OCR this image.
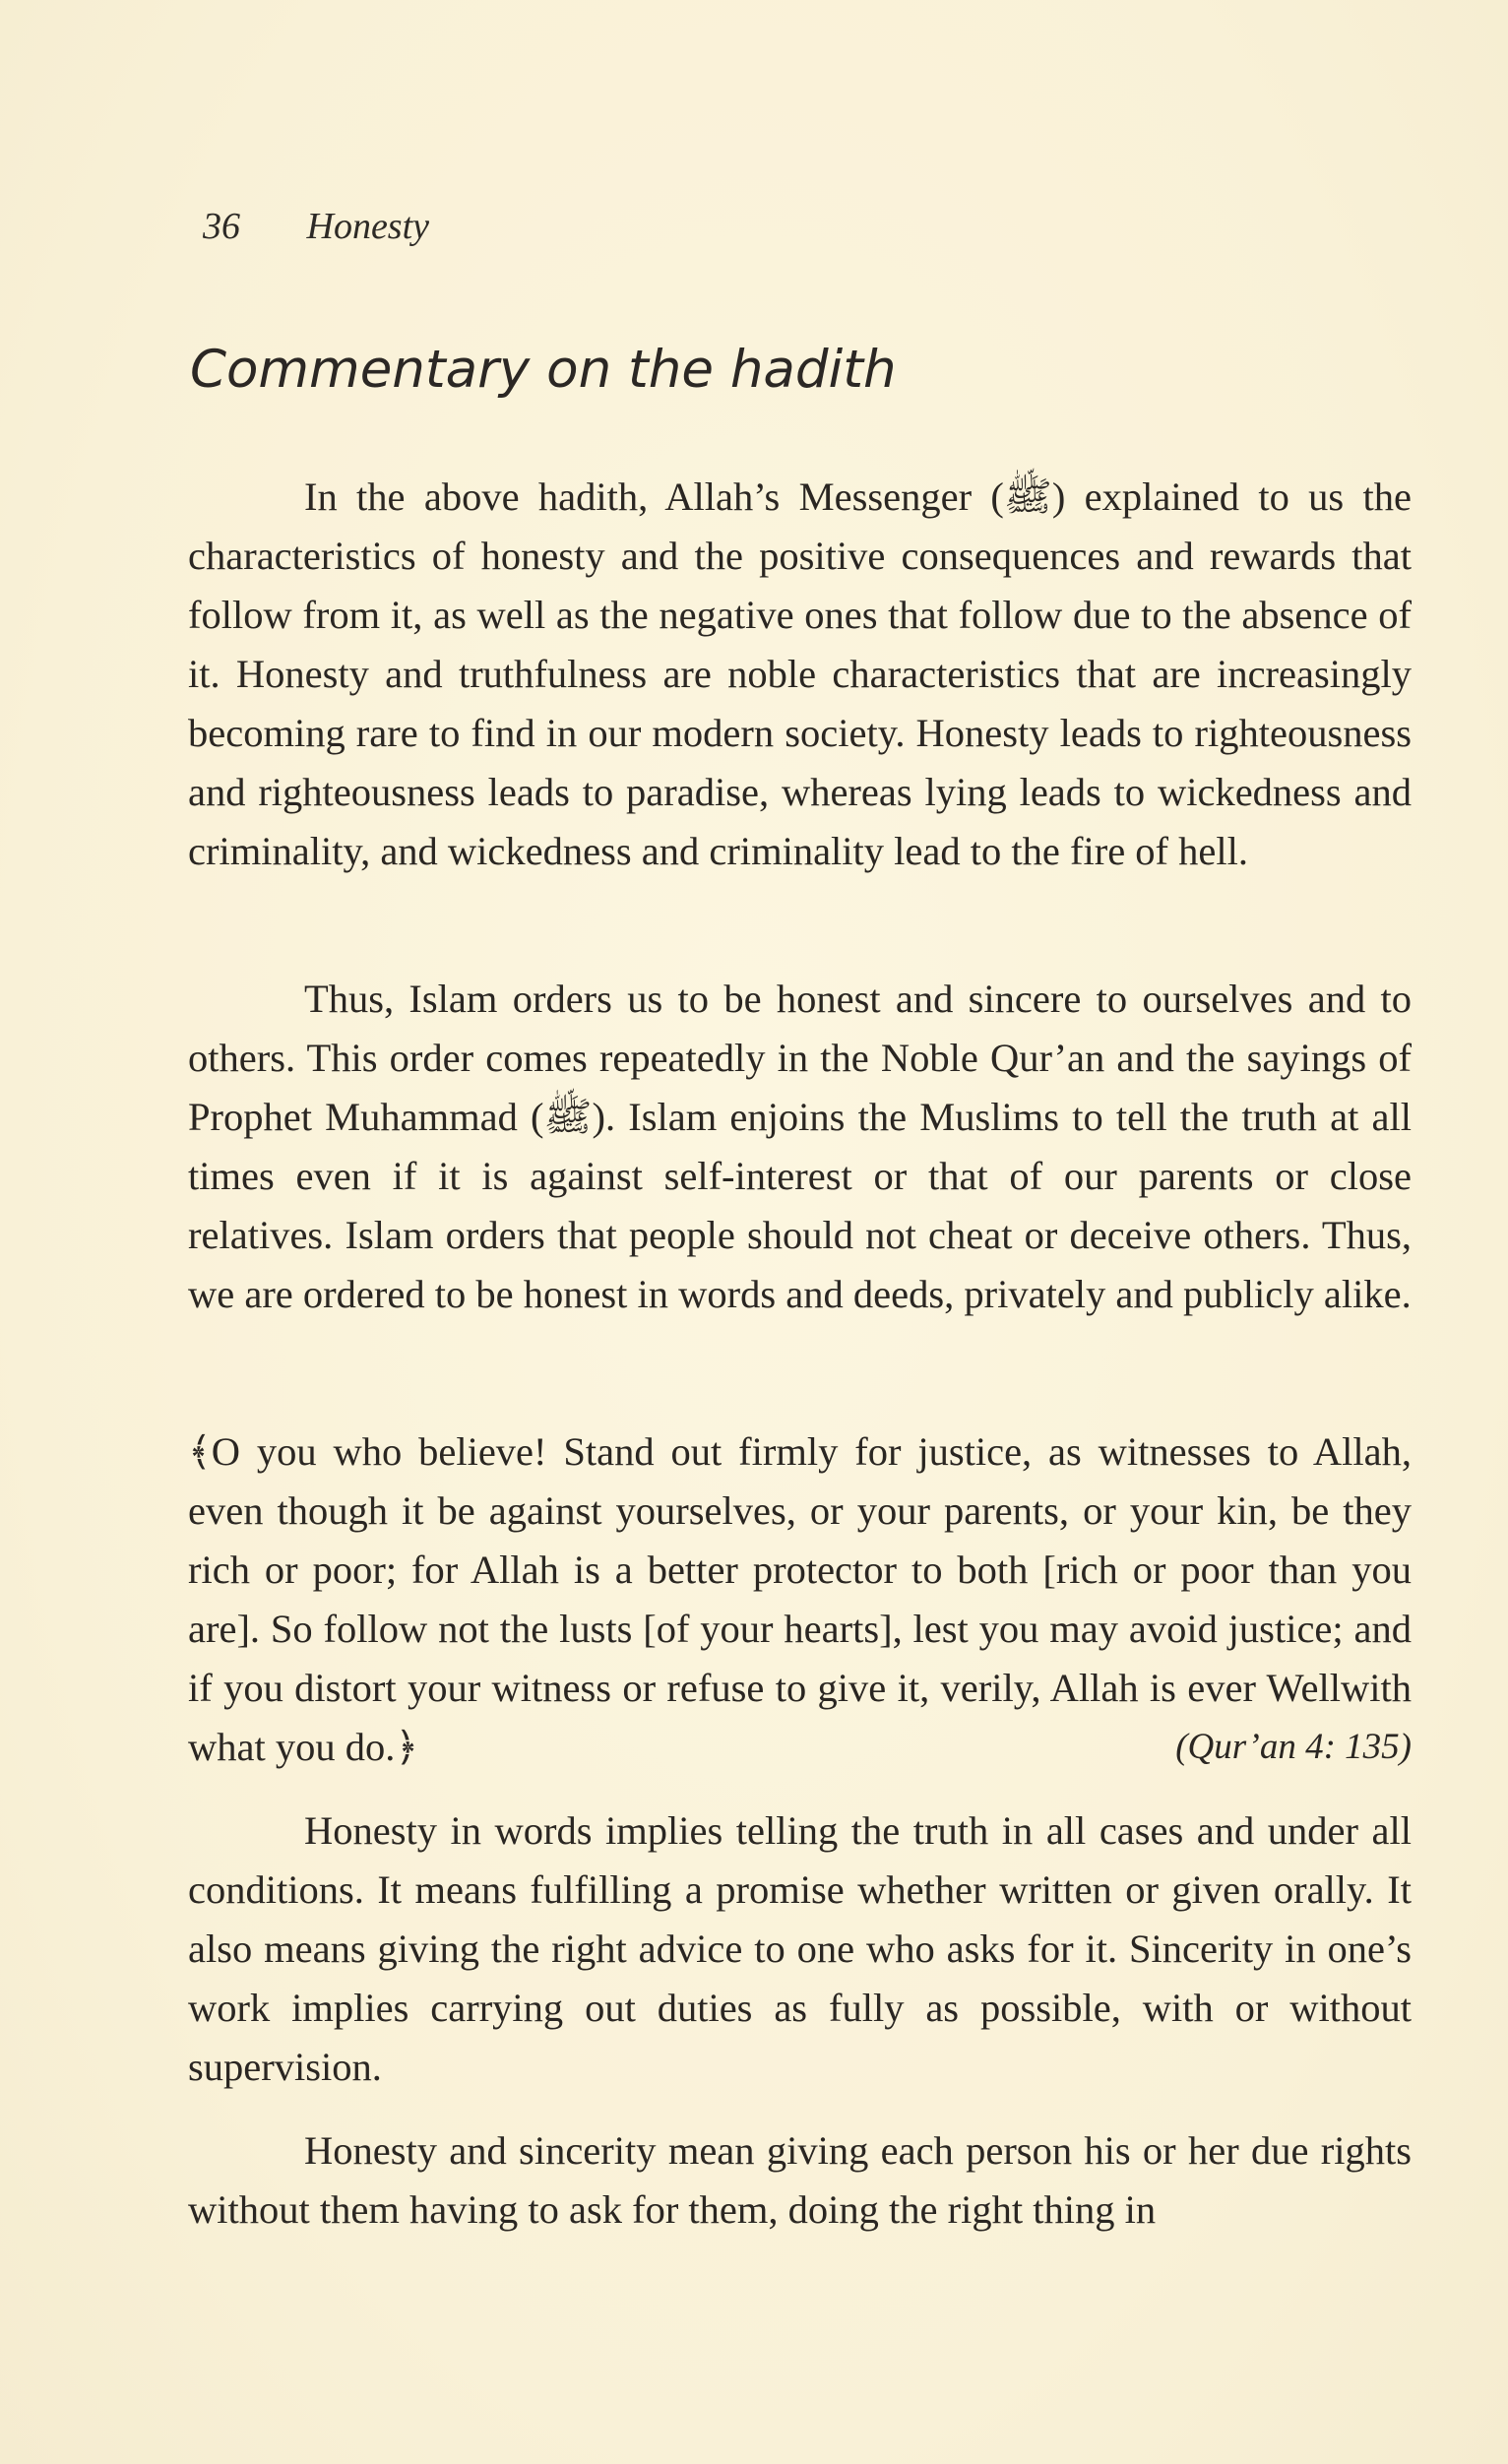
36 Honesty
Commentary on the hadith

In the above hadith, Allah’s Messenger (ﷺ) explained to us the characteristics of honesty and the positive consequences and rewards that follow from it, as well as the negative ones that follow due to the absence of it. Honesty and truthfulness are noble characteristics that are increasingly becoming rare to find in our modern society. Honesty leads to righteousness and righteousness leads to paradise, whereas lying leads to wickedness and criminality, and wickedness and criminality lead to the fire of hell.

Thus, Islam orders us to be honest and sincere to ourselves and to others. This order comes repeatedly in the Noble Qur’an and the sayings of Prophet Muhammad (ﷺ). Islam enjoins the Muslims to tell the truth at all times even if it is against self-interest or that of our parents or close relatives. Islam orders that people should not cheat or deceive others. Thus, we are ordered to be honest in words and deeds, privately and publicly alike.

﴾O you who believe! Stand out firmly for justice, as witnesses to Allah, even though it be against yourselves, or your parents, or your kin, be they rich or poor; for Allah is a better protector to both [rich or poor than you are]. So follow not the lusts [of your hearts], lest you may avoid justice; and if you distort your witness or refuse to give it, verily, Allah is ever Wellwith what you do.﴿	(Qur’an 4: 135)

Honesty in words implies telling the truth in all cases and under all conditions. It means fulfilling a promise whether written or given orally. It also means giving the right advice to one who asks for it. Sincerity in one’s work implies carrying out duties as fully as possible, with or without supervision.

Honesty and sincerity mean giving each person his or her due rights without them having to ask for them, doing the right thing in
